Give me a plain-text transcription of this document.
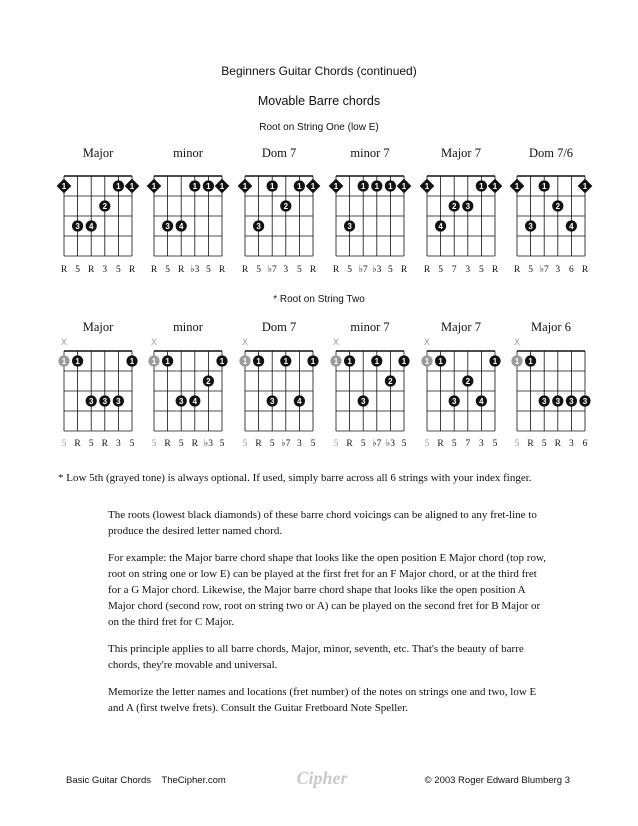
Beginners Guitar Chords (continued)
Movable Barre chords
Root on String One (low E)
* Root on String Two
Major
1	1 1
2
3 4
R 5 R 3 5 R
minor
1	1 1 1
3 4
R 5 R ♭3 5 R
Dom 7
1	1	1 1
2
3
R 5 ♭7 3 5 R
minor 7
1	1 1 1 1
3
R 5 ♭7 ♭3 5 R
Major 7
1	1 1
2 3
4
R 5 7 3 5 R
Dom 7/6
1	1	1
2
3	4
R 5 ♭7 3 6 R
Major
X
1 1	1
3 3 3
5 R 5 R 3 5
minor
X
1 1	1
2
3 4
5 R 5 R ♭3 5
Dom 7
X
1 1	1	1
3	4
5 R 5 ♭7 3 5
minor 7
X
1 1	1	1
2
3
5 R 5 ♭7 ♭3 5
Major 7
X
1 1	1
2
3	4
5 R 5 7 3 5
Major 6
X
1 1
3 3 3 3
5 R 5 R 3 6
* Low 5th (grayed tone) is always optional. If used, simply barre across all 6 strings with your index finger.

The roots (lowest black diamonds) of these barre chord voicings can be aligned to any fret-line to produce the desired letter named chord.

For example: the Major barre chord shape that looks like the open position E Major chord (top row, root on string one or low E) can be played at the first fret for an F Major chord, or at the third fret for a G Major chord. Likewise, the Major barre chord shape that looks like the open position A Major chord (second row, root on string two or A) can be played on the second fret for B Major or on the third fret for C Major.

This principle applies to all barre chords, Major, minor, seventh, etc. That's the beauty of barre chords, they're movable and universal.

Memorize the letter names and locations (fret number) of the notes on strings one and two, low E and A (first twelve frets). Consult the Guitar Fretboard Note Speller.

Basic Guitar Chords    TheCipher.com	Cipher	© 2003 Roger Edward Blumberg 3
